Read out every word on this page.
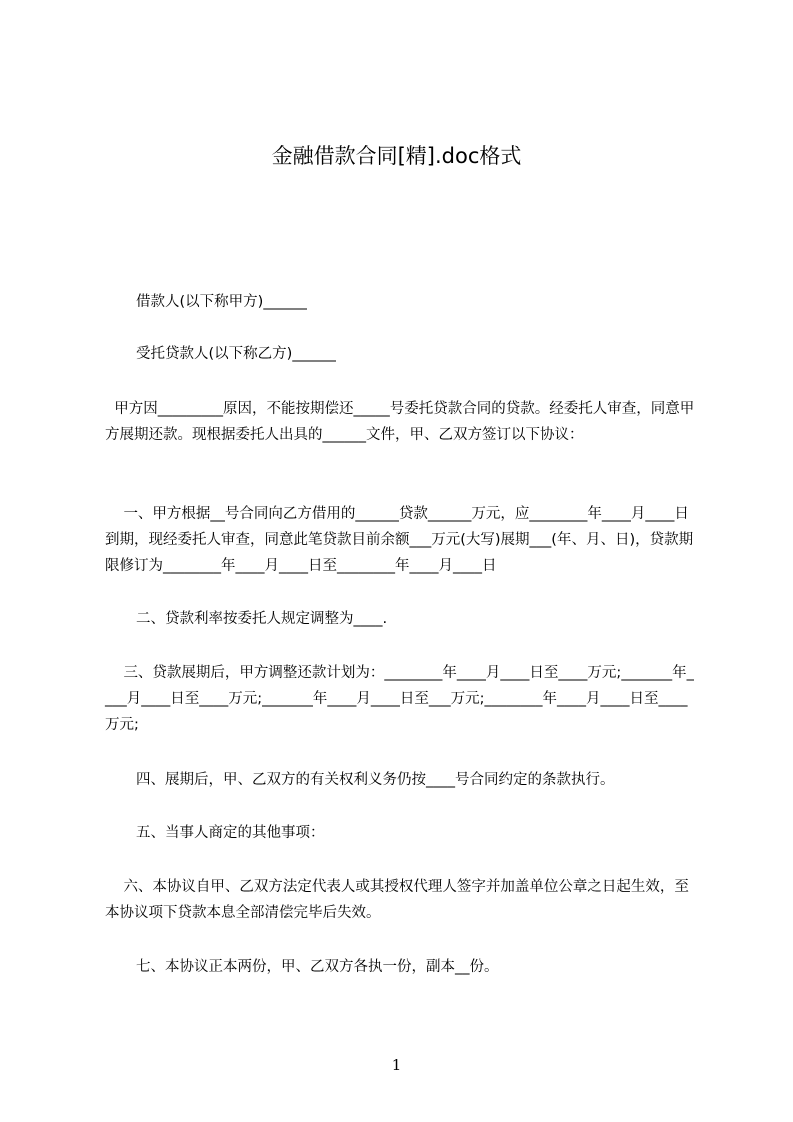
金融借款合同[精].doc格式
借款人(以下称甲方)______
受托贷款人(以下称乙方)______
甲方因_________原因，不能按期偿还_____号委托贷款合同的贷款。经委托人审查，同意甲方展期还款。现根据委托人出具的______文件，甲、乙双方签订以下协议：
一、甲方根据__号合同向乙方借用的______贷款______万元，应________年____月____日到期，现经委托人审查，同意此笔贷款目前余额___万元(大写)展期___(年、月、日)，贷款期限修订为________年____月____日至________年____月____日
二、贷款利率按委托人规定调整为____.
三、贷款展期后，甲方调整还款计划为：________年____月____日至____万元;_______年____月____日至____万元;_______年____月____日至___万元;________年____月____日至____万元;
四、展期后，甲、乙双方的有关权利义务仍按____号合同约定的条款执行。
五、当事人商定的其他事项：
六、本协议自甲、乙双方法定代表人或其授权代理人签字并加盖单位公章之日起生效，至本协议项下贷款本息全部清偿完毕后失效。
七、本协议正本两份，甲、乙双方各执一份，副本__份。
1
